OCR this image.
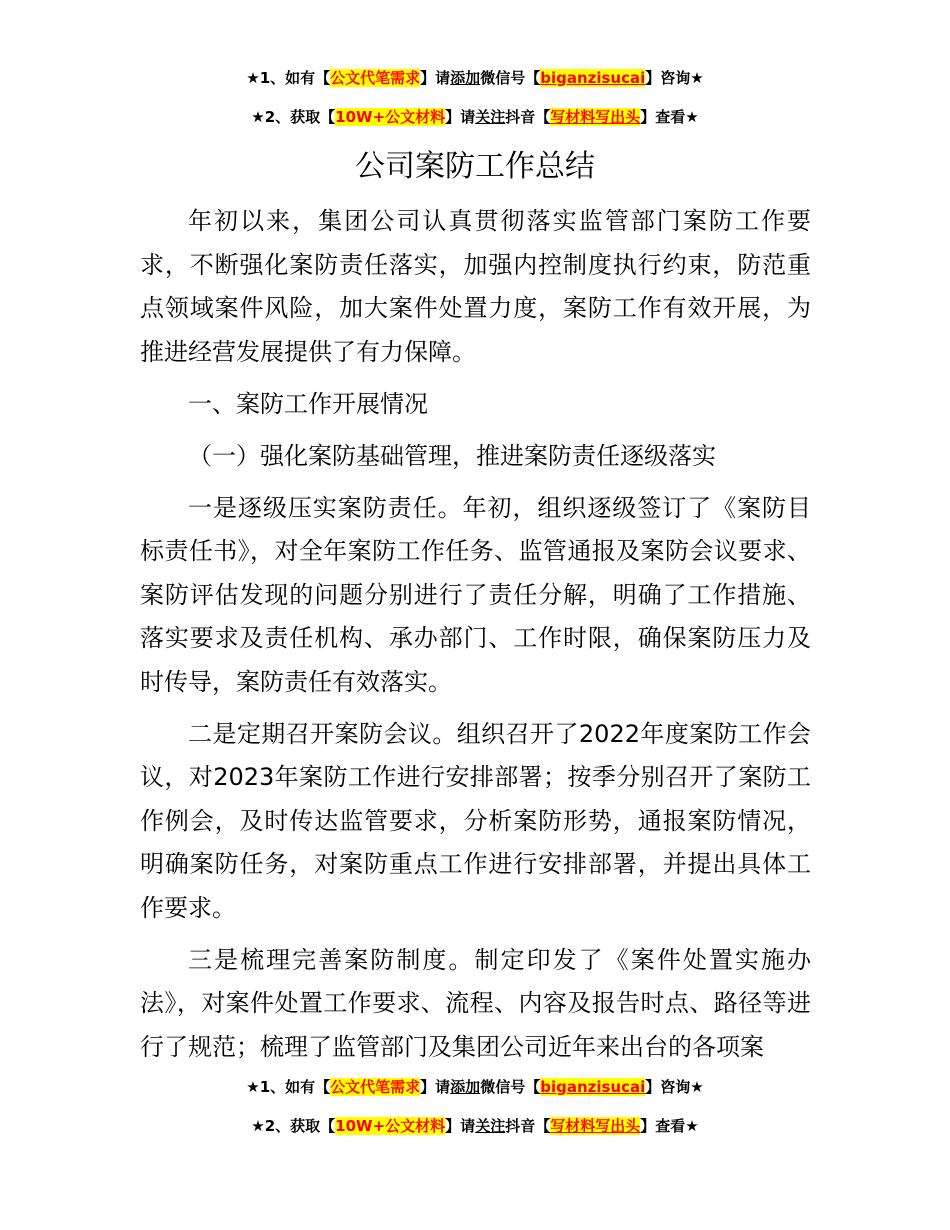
★1、如有【公文代笔需求】请添加微信号【biganzisucai】咨询★
★2、获取【10W+公文材料】请关注抖音【写材料写出头】查看★
公司案防工作总结

年初以来，集团公司认真贯彻落实监管部门案防工作要求，不断强化案防责任落实，加强内控制度执行约束，防范重点领域案件风险，加大案件处置力度，案防工作有效开展，为推进经营发展提供了有力保障。

一、案防工作开展情况

（一）强化案防基础管理，推进案防责任逐级落实

一是逐级压实案防责任。年初，组织逐级签订了《案防目标责任书》，对全年案防工作任务、监管通报及案防会议要求、案防评估发现的问题分别进行了责任分解，明确了工作措施、落实要求及责任机构、承办部门、工作时限，确保案防压力及时传导，案防责任有效落实。

二是定期召开案防会议。组织召开了2022年度案防工作会议，对2023年案防工作进行安排部署；按季分别召开了案防工作例会，及时传达监管要求，分析案防形势，通报案防情况，明确案防任务，对案防重点工作进行安排部署，并提出具体工作要求。

三是梳理完善案防制度。制定印发了《案件处置实施办法》，对案件处置工作要求、流程、内容及报告时点、路径等进行了规范；梳理了监管部门及集团公司近年来出台的各项案

★1、如有【公文代笔需求】请添加微信号【biganzisucai】咨询★
★2、获取【10W+公文材料】请关注抖音【写材料写出头】查看★
